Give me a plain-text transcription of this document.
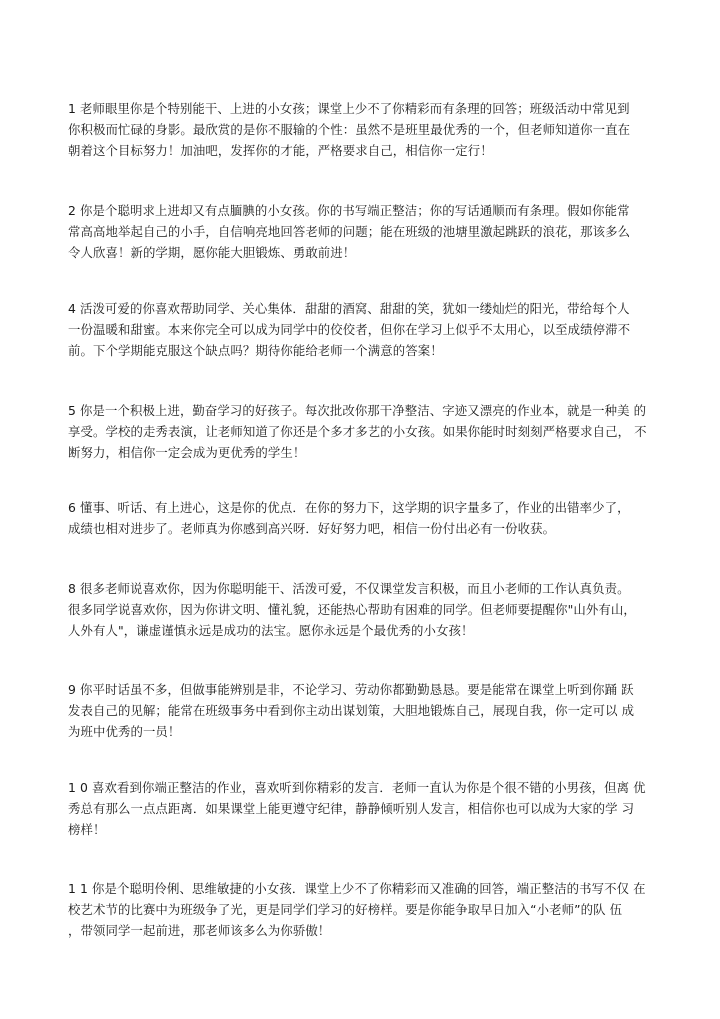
1 老师眼里你是个特别能干、上进的小女孩；课堂上少不了你精彩而有条理的回答；班级活动中常见到
你积极而忙碌的身影。最欣赏的是你不服输的个性：虽然不是班里最优秀的一个，但老师知道你一直在
朝着这个目标努力！加油吧，发挥你的才能，严格要求自己，相信你一定行！
2 你是个聪明求上进却又有点腼腆的小女孩。你的书写端正整洁；你的写话通顺而有条理。假如你能常
常高高地举起自己的小手，自信响亮地回答老师的问题；能在班级的池塘里激起跳跃的浪花，那该多么
令人欣喜！新的学期，愿你能大胆锻炼、勇敢前进！
4 活泼可爱的你喜欢帮助同学、关心集体．甜甜的酒窝、甜甜的笑，犹如一缕灿烂的阳光，带给每个人
一份温暖和甜蜜。本来你完全可以成为同学中的佼佼者，但你在学习上似乎不太用心，以至成绩停滞不
前。下个学期能克服这个缺点吗？期待你能给老师一个满意的答案！
5 你是一个积极上进，勤奋学习的好孩子。每次批改你那干净整洁、字迹又漂亮的作业本，就是一种美 的
享受。学校的走秀表演，让老师知道了你还是个多才多艺的小女孩。如果你能时时刻刻严格要求自己， 不
断努力，相信你一定会成为更优秀的学生！
6 懂事、听话、有上进心，这是你的优点．在你的努力下，这学期的识字量多了，作业的出错率少了，
成绩也相对进步了。老师真为你感到高兴呀．好好努力吧，相信一份付出必有一份收获。
8 很多老师说喜欢你，因为你聪明能干、活泼可爱，不仅课堂发言积极，而且小老师的工作认真负责。
很多同学说喜欢你，因为你讲文明、懂礼貌，还能热心帮助有困难的同学。但老师要提醒你"山外有山，
人外有人"，谦虚谨慎永远是成功的法宝。愿你永远是个最优秀的小女孩！
9 你平时话虽不多，但做事能辨别是非，不论学习、劳动你都勤勤恳恳。要是能常在课堂上听到你踊 跃
发表自己的见解；能常在班级事务中看到你主动出谋划策，大胆地锻炼自己，展现自我，你一定可以 成
为班中优秀的一员！
1 0 喜欢看到你端正整洁的作业，喜欢听到你精彩的发言．老师一直认为你是个很不错的小男孩，但离 优
秀总有那么一点点距离．如果课堂上能更遵守纪律，静静倾听别人发言，相信你也可以成为大家的学 习
榜样！
1 1 你是个聪明伶俐、思维敏捷的小女孩．课堂上少不了你精彩而又准确的回答，端正整洁的书写不仅 在
校艺术节的比赛中为班级争了光，更是同学们学习的好榜样。要是你能争取早日加入“小老师”的队 伍
，带领同学一起前进，那老师该多么为你骄傲！
